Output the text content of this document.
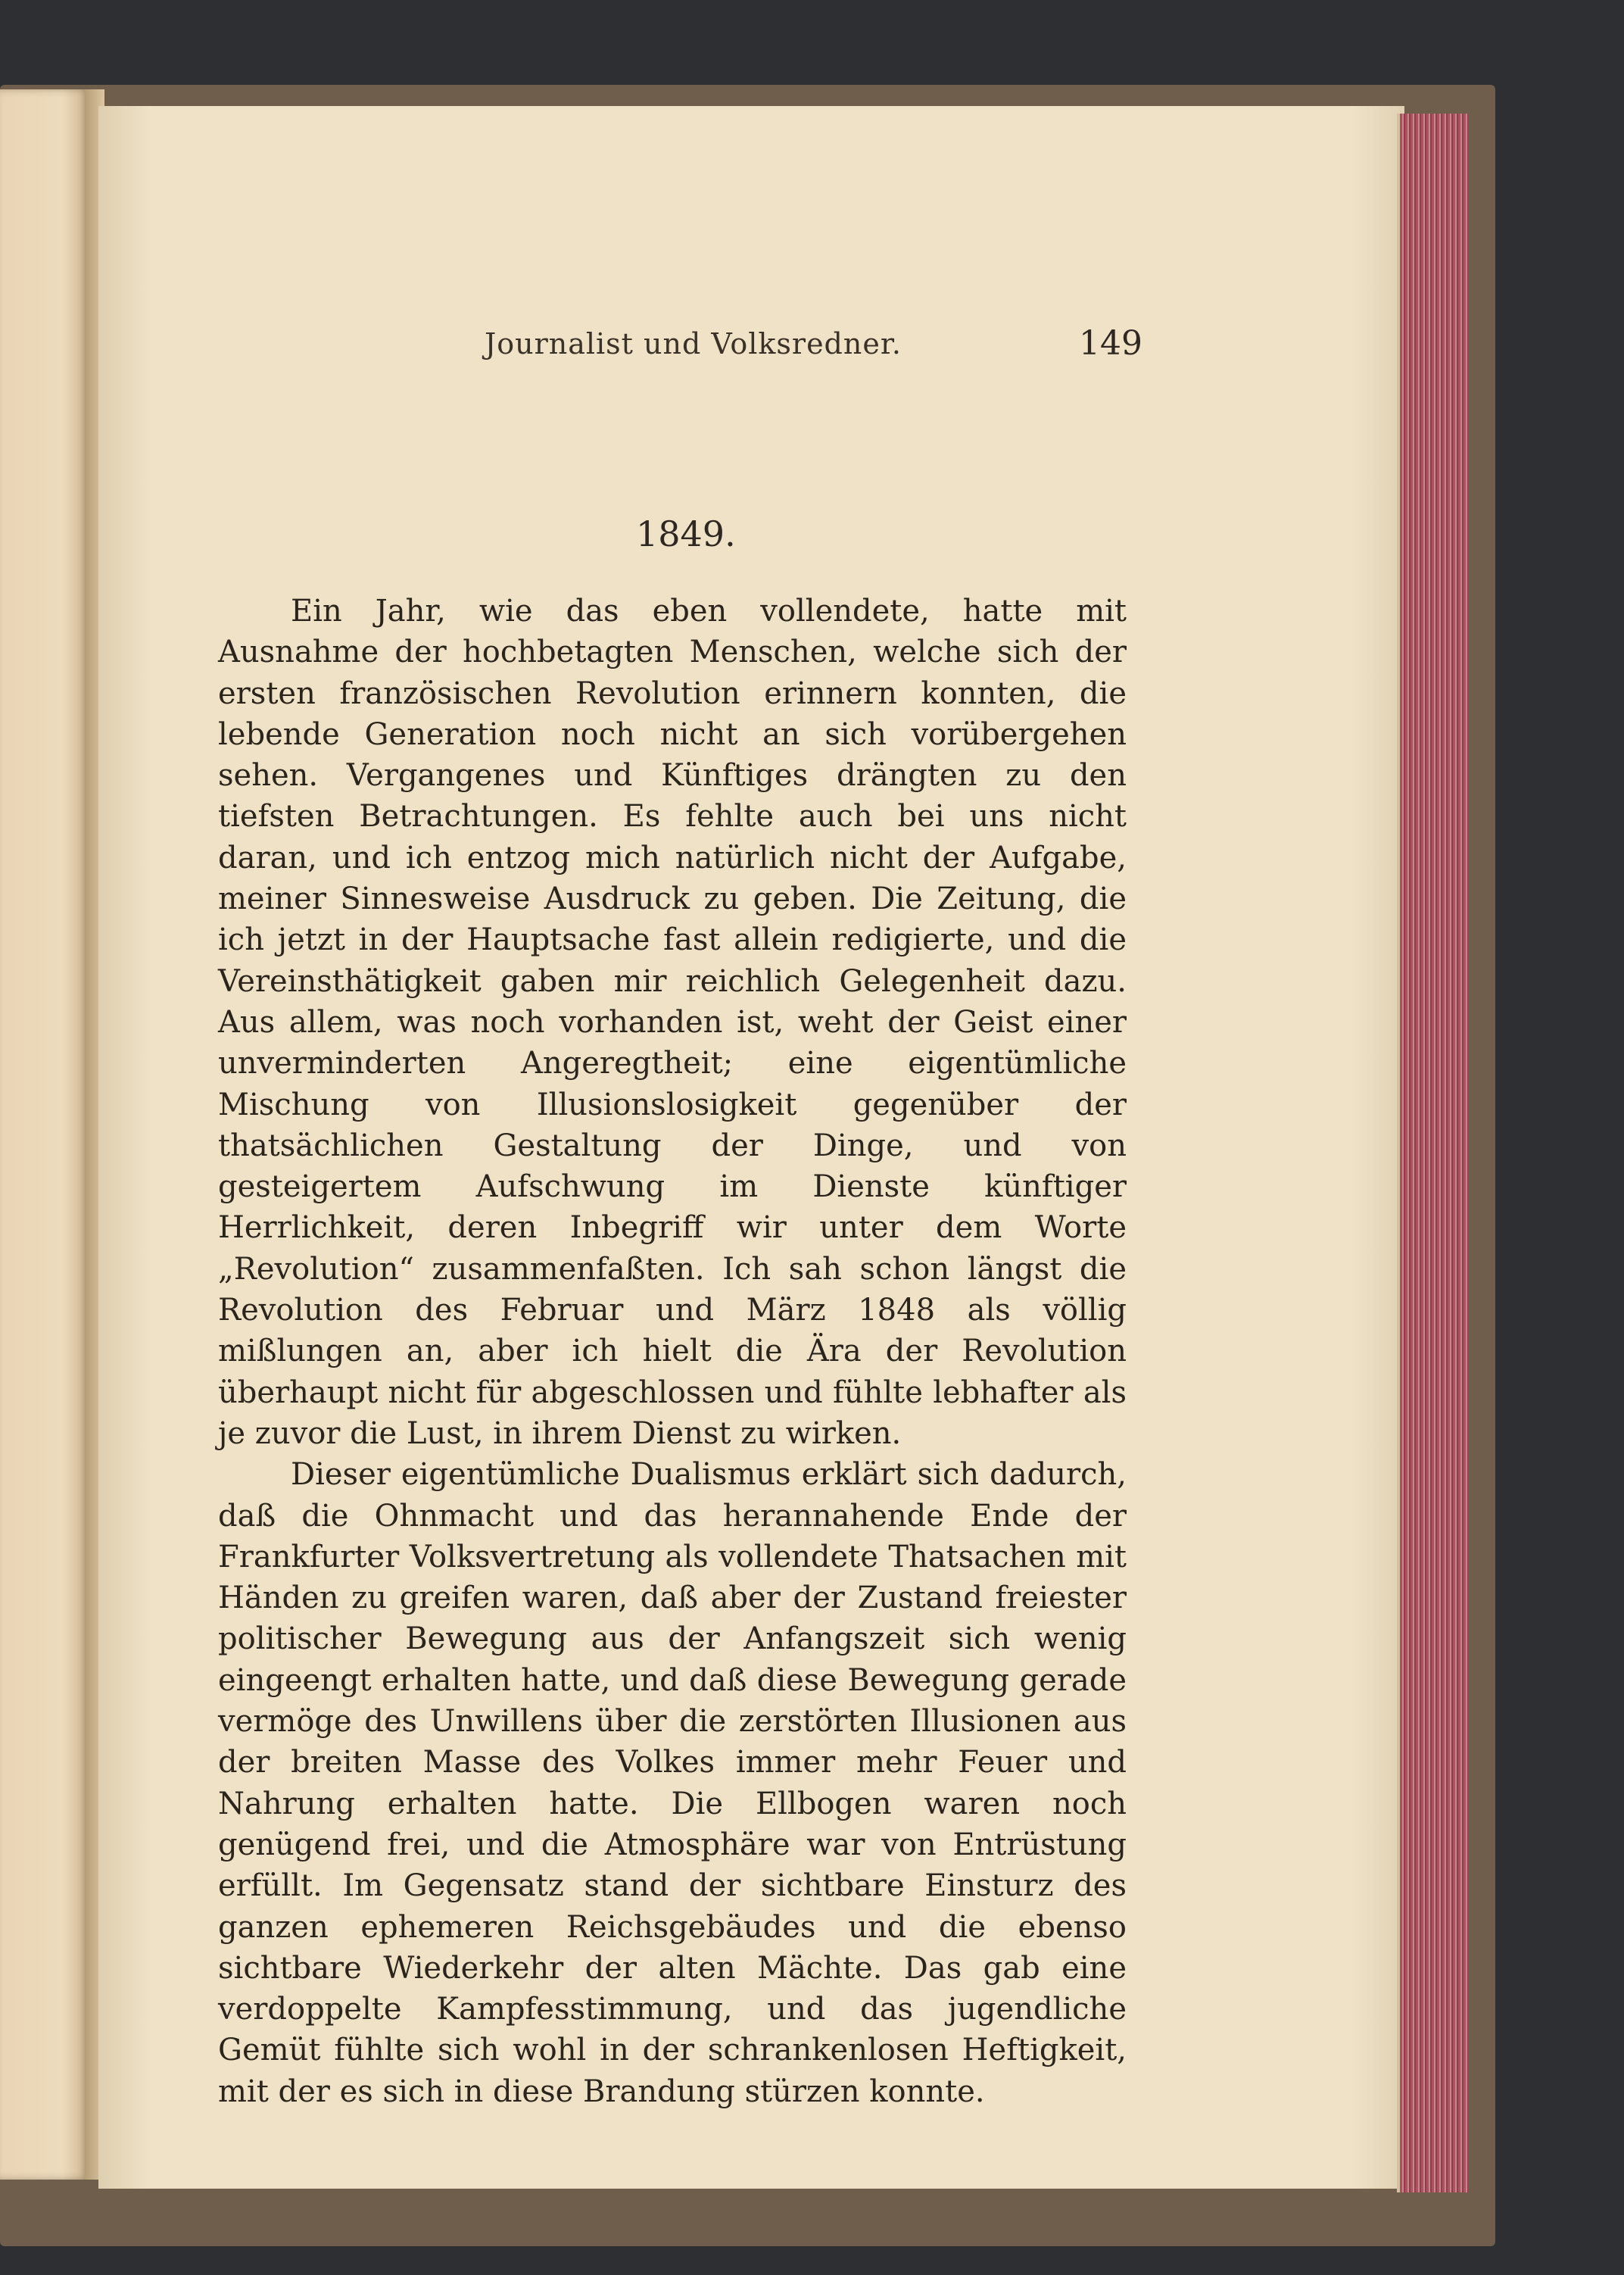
Journalist und Volksredner.	149
1849.

Ein Jahr, wie das eben vollendete, hatte mit Ausnahme der hochbetagten Menschen, welche sich der ersten französischen Revolution erinnern konnten, die lebende Generation noch nicht an sich vorübergehen sehen. Vergangenes und Künftiges drängten zu den tiefsten Betrachtungen. Es fehlte auch bei uns nicht daran, und ich entzog mich natürlich nicht der Aufgabe, meiner Sinnesweise Ausdruck zu geben. Die Zeitung, die ich jetzt in der Hauptsache fast allein redigierte, und die Vereinsthätigkeit gaben mir reichlich Gelegenheit dazu. Aus allem, was noch vorhanden ist, weht der Geist einer unverminderten Angeregtheit; eine eigentümliche Mischung von Illusionslosigkeit gegenüber der thatsächlichen Gestaltung der Dinge, und von gesteigertem Aufschwung im Dienste künftiger Herrlichkeit, deren Inbegriff wir unter dem Worte „Revolution“ zusammenfaßten. Ich sah schon längst die Revolution des Februar und März 1848 als völlig mißlungen an, aber ich hielt die Ära der Revolution überhaupt nicht für abgeschlossen und fühlte lebhafter als je zuvor die Lust, in ihrem Dienst zu wirken.

Dieser eigentümliche Dualismus erklärt sich dadurch, daß die Ohnmacht und das herannahende Ende der Frankfurter Volksvertretung als vollendete Thatsachen mit Händen zu greifen waren, daß aber der Zustand freiester politischer Bewegung aus der Anfangszeit sich wenig eingeengt erhalten hatte, und daß diese Bewegung gerade vermöge des Unwillens über die zerstörten Illusionen aus der breiten Masse des Volkes immer mehr Feuer und Nahrung erhalten hatte. Die Ellbogen waren noch genügend frei, und die Atmosphäre war von Entrüstung erfüllt. Im Gegensatz stand der sichtbare Einsturz des ganzen ephemeren Reichsgebäudes und die ebenso sichtbare Wiederkehr der alten Mächte. Das gab eine verdoppelte Kampfesstimmung, und das jugendliche Gemüt fühlte sich wohl in der schrankenlosen Heftigkeit, mit der es sich in diese Brandung stürzen konnte.
